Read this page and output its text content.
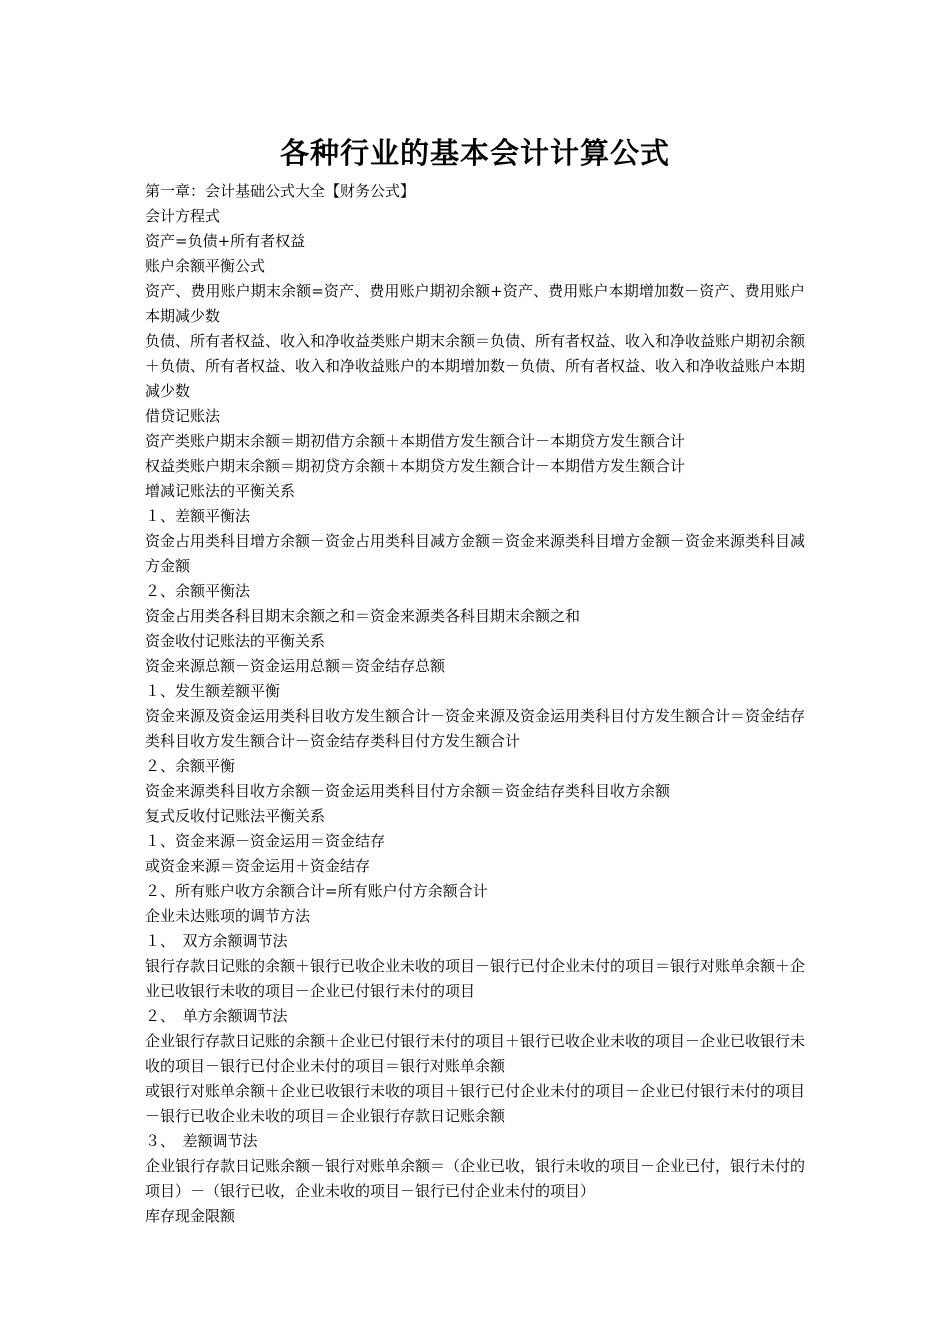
各种行业的基本会计计算公式

第一章：会计基础公式大全【财务公式】

会计方程式

资产=负债+所有者权益

账户余额平衡公式

资产、费用账户期末余额=资产、费用账户期初余额+资产、费用账户本期增加数－资产、费用账户本期减少数

负债、所有者权益、收入和净收益类账户期末余额＝负债、所有者权益、收入和净收益账户期初余额＋负债、所有者权益、收入和净收益账户的本期增加数－负债、所有者权益、收入和净收益账户本期减少数

借贷记账法

资产类账户期末余额＝期初借方余额＋本期借方发生额合计－本期贷方发生额合计

权益类账户期末余额＝期初贷方余额＋本期贷方发生额合计－本期借方发生额合计

增减记账法的平衡关系

１、差额平衡法

资金占用类科目增方余额－资金占用类科目减方金额＝资金来源类科目增方金额－资金来源类科目减方金额

２、余额平衡法

资金占用类各科目期末余额之和＝资金来源类各科目期末余额之和

资金收付记账法的平衡关系

资金来源总额－资金运用总额＝资金结存总额

１、发生额差额平衡

资金来源及资金运用类科目收方发生额合计－资金来源及资金运用类科目付方发生额合计＝资金结存类科目收方发生额合计－资金结存类科目付方发生额合计

２、余额平衡

资金来源类科目收方余额－资金运用类科目付方余额＝资金结存类科目收方余额

复式反收付记账法平衡关系

１、资金来源－资金运用＝资金结存

或资金来源＝资金运用＋资金结存

２、所有账户收方余额合计=所有账户付方余额合计

企业未达账项的调节方法

１、　双方余额调节法

银行存款日记账的余额＋银行已收企业未收的项目－银行已付企业未付的项目＝银行对账单余额＋企业已收银行未收的项目－企业已付银行未付的项目

２、　单方余额调节法

企业银行存款日记账的余额＋企业已付银行未付的项目＋银行已收企业未收的项目－企业已收银行未收的项目－银行已付企业未付的项目＝银行对账单余额

或银行对账单余额＋企业已收银行未收的项目＋银行已付企业未付的项目－企业已付银行未付的项目－银行已收企业未收的项目＝企业银行存款日记账余额

３、　差额调节法

企业银行存款日记账余额－银行对账单余额＝（企业已收，银行未收的项目－企业已付，银行未付的项目）－（银行已收，企业未收的项目－银行已付企业未付的项目）

库存现金限额
